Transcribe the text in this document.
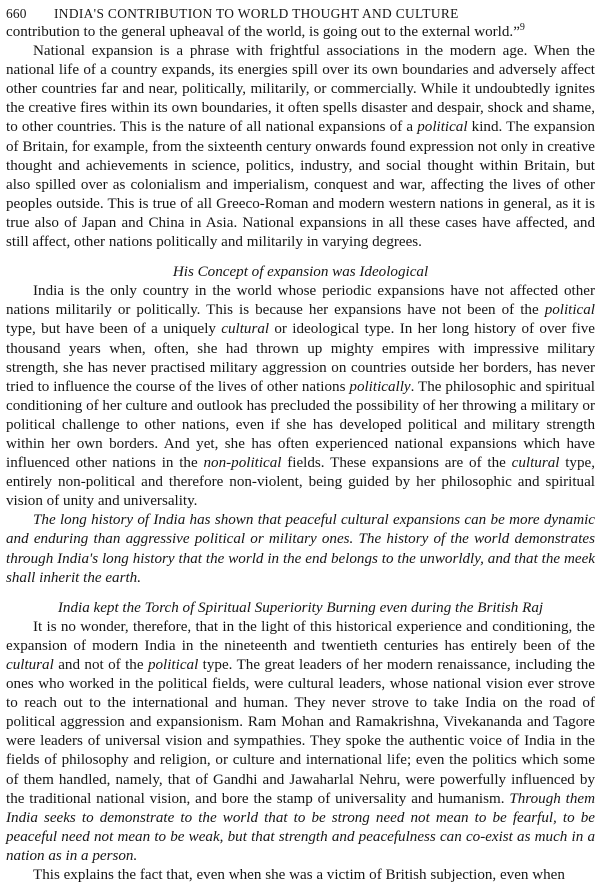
660	INDIA'S CONTRIBUTION TO WORLD THOUGHT AND CULTURE

contribution to the general upheaval of the world, is going out to the external world.”$^9$

National expansion is a phrase with frightful associations in the modern age. When the national life of a country expands, its energies spill over its own boundaries and adversely affect other countries far and near, politically, militarily, or commercially. While it undoubtedly ignites the creative fires within its own boundaries, it often spells disaster and despair, shock and shame, to other countries. This is the nature of all national expansions of a political kind. The expansion of Britain, for example, from the sixteenth century onwards found expression not only in creative thought and achievements in science, politics, industry, and social thought within Britain, but also spilled over as colonialism and imperialism, conquest and war, affecting the lives of other peoples outside. This is true of all Greeco-Roman and modern western nations in general, as it is true also of Japan and China in Asia. National expansions in all these cases have affected, and still affect, other nations politically and militarily in varying degrees.

His Concept of expansion was Ideological

India is the only country in the world whose periodic expansions have not affected other nations militarily or politically. This is because her expansions have not been of the political type, but have been of a uniquely cultural or ideological type. In her long history of over five thousand years when, often, she had thrown up mighty empires with impressive military strength, she has never practised military aggression on countries outside her borders, has never tried to influence the course of the lives of other nations politically. The philosophic and spiritual conditioning of her culture and outlook has precluded the possibility of her throwing a military or political challenge to other nations, even if she has developed political and military strength within her own borders. And yet, she has often experienced national expansions which have influenced other nations in the non-political fields. These expansions are of the cultural type, entirely non-political and therefore non-violent, being guided by her philosophic and spiritual vision of unity and universality.

The long history of India has shown that peaceful cultural expansions can be more dynamic and enduring than aggressive political or military ones. The history of the world demonstrates through India's long history that the world in the end belongs to the unworldly, and that the meek shall inherit the earth.

India kept the Torch of Spiritual Superiority Burning even during the British Raj

It is no wonder, therefore, that in the light of this historical experience and conditioning, the expansion of modern India in the nineteenth and twentieth centuries has entirely been of the cultural and not of the political type. The great leaders of her modern renaissance, including the ones who worked in the political fields, were cultural leaders, whose national vision ever strove to reach out to the international and human. They never strove to take India on the road of political aggression and expansionism. Ram Mohan and Ramakrishna, Vivekananda and Tagore were leaders of universal vision and sympathies. They spoke the authentic voice of India in the fields of philosophy and religion, or culture and international life; even the politics which some of them handled, namely, that of Gandhi and Jawaharlal Nehru, were powerfully influenced by the traditional national vision, and bore the stamp of universality and humanism. Through them India seeks to demonstrate to the world that to be strong need not mean to be fearful, to be peaceful need not mean to be weak, but that strength and peacefulness can co-exist as much in a nation as in a person.

This explains the fact that, even when she was a victim of British subjection, even when
